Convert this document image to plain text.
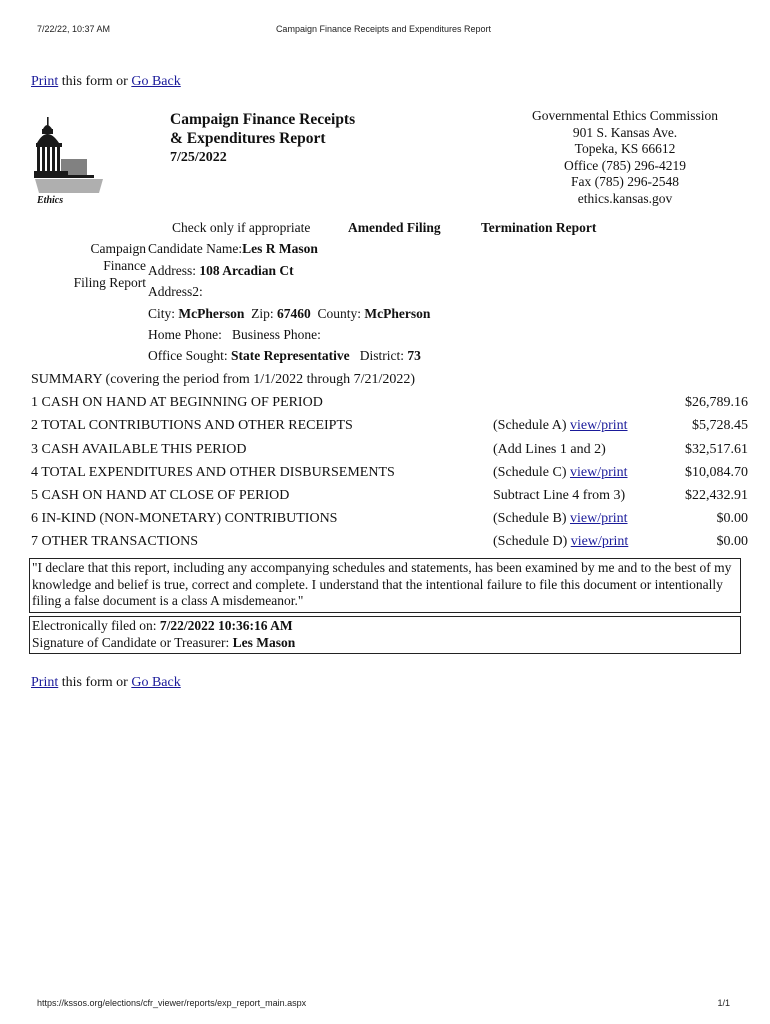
7/22/22, 10:37 AM	Campaign Finance Receipts and Expenditures Report
Print this form or Go Back
Ethics
Campaign Finance Receipts
& Expenditures Report
7/25/2022
Governmental Ethics Commission
901 S. Kansas Ave.
Topeka, KS 66612
Office (785) 296-4219
Fax (785) 296-2548
ethics.kansas.gov
Check only if appropriate	Amended Filing	Termination Report
Campaign
Finance
Filing Report
Candidate Name:Les R Mason
Address: 108 Arcadian Ct
Address2:
City: McPherson Zip: 67460 County: McPherson
Home Phone: Business Phone:
Office Sought: State Representative District: 73
SUMMARY (covering the period from 1/1/2022 through 7/21/2022)
1 CASH ON HAND AT BEGINNING OF PERIOD	$26,789.16
2 TOTAL CONTRIBUTIONS AND OTHER RECEIPTS	(Schedule A) view/print	$5,728.45
3 CASH AVAILABLE THIS PERIOD	(Add Lines 1 and 2)	$32,517.61
4 TOTAL EXPENDITURES AND OTHER DISBURSEMENTS	(Schedule C) view/print	$10,084.70
5 CASH ON HAND AT CLOSE OF PERIOD	Subtract Line 4 from 3)	$22,432.91
6 IN-KIND (NON-MONETARY) CONTRIBUTIONS	(Schedule B) view/print	$0.00
7 OTHER TRANSACTIONS	(Schedule D) view/print	$0.00
"I declare that this report, including any accompanying schedules and statements, has been examined by me and to the best of my knowledge and belief is true, correct and complete. I understand that the intentional failure to file this document or intentionally filing a false document is a class A misdemeanor."
Electronically filed on: 7/22/2022 10:36:16 AM
Signature of Candidate or Treasurer: Les Mason
Print this form or Go Back
https://kssos.org/elections/cfr_viewer/reports/exp_report_main.aspx	1/1
